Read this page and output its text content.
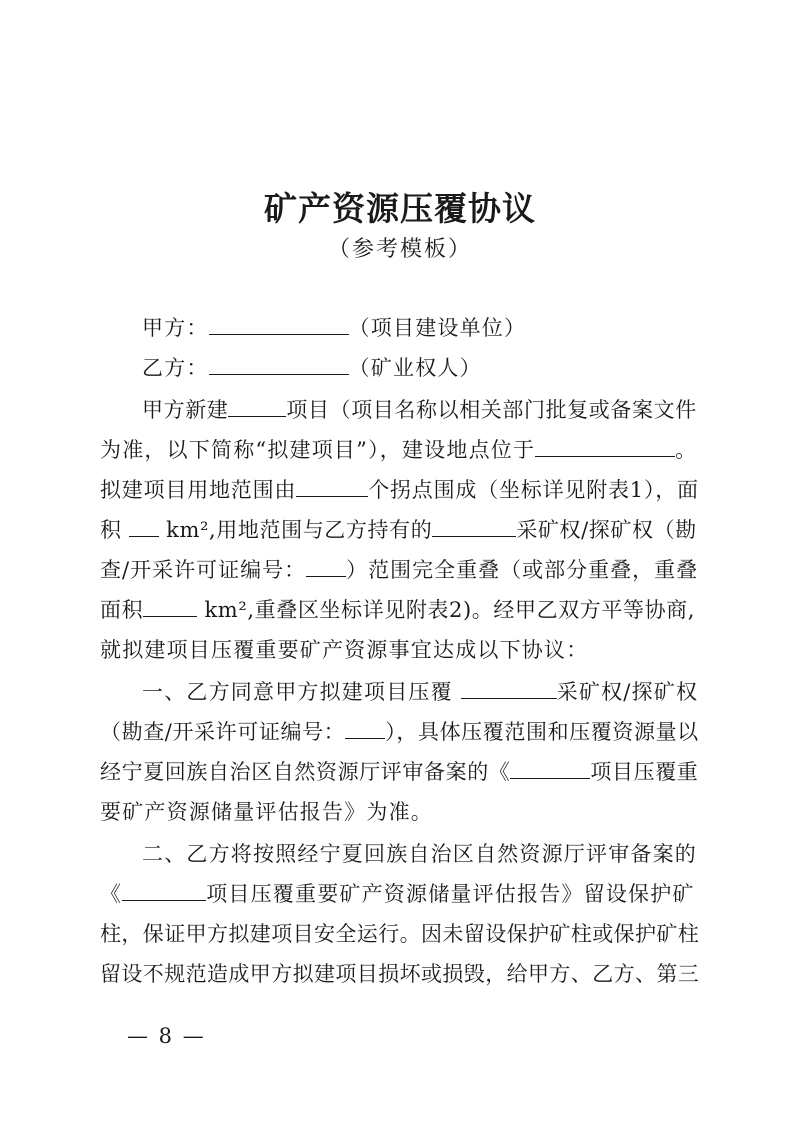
矿产资源压覆协议
（参考模板）
甲方：	（项目建设单位）
乙方：	（矿业权人）
甲方新建	项目（项目名称以相关部门批复或备案文件
为准，以下简称“拟建项目”），建设地点位于	。
拟建项目用地范围由	个拐点围成（坐标详见附表1），面
积 km²,用地范围与乙方持有的	采矿权/探矿权（勘
查/开采许可证编号： ）范围完全重叠（或部分重叠，重叠
面积	km²,重叠区坐标详见附表2)。经甲乙双方平等协商,
就拟建项目压覆重要矿产资源事宜达成以下协议：
一、乙方同意甲方拟建项目压覆	采矿权/探矿权
（勘查/开采许可证编号： ），具体压覆范围和压覆资源量以
经宁夏回族自治区自然资源厅评审备案的《	项目压覆重
要矿产资源储量评估报告》为准。
二、乙方将按照经宁夏回族自治区自然资源厅评审备案的
《	项目压覆重要矿产资源储量评估报告》留设保护矿
柱，保证甲方拟建项目安全运行。因未留设保护矿柱或保护矿柱
留设不规范造成甲方拟建项目损坏或损毁，给甲方、乙方、第三
— 8 —
